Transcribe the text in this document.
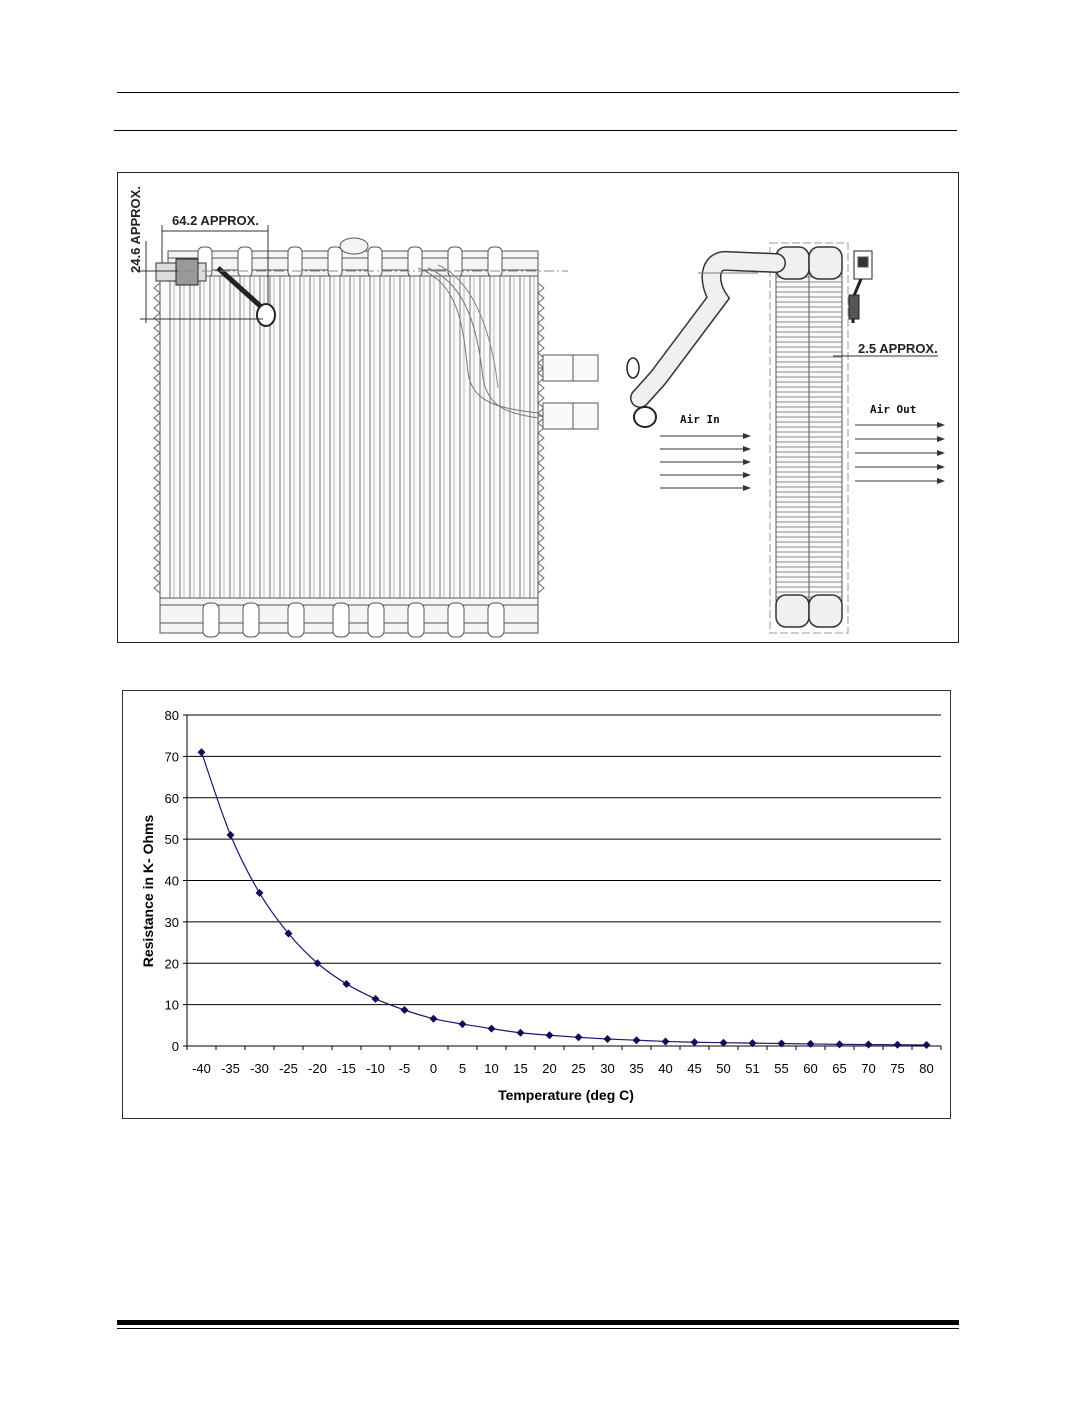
64.2 APPROX.
24.6 APPROX.
2.5 APPROX.
Air In
Air Out
0
10
20
30
40
50
60
70
80
-40 -35 -30 -25 -20 -15 -10 -5 0 5 10 15 20 25 30 35 40 45 50 51 55 60 65 70 75 80
Temperature (deg C)
Resistance in K- Ohms
